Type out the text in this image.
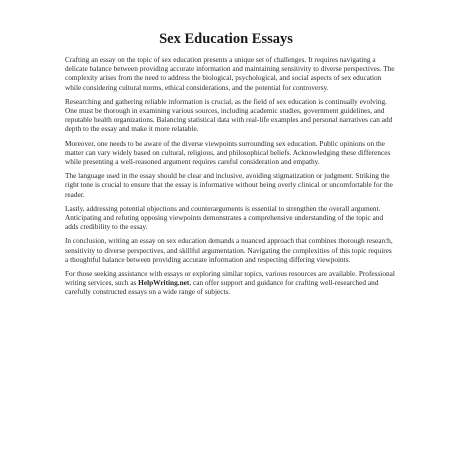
Sex Education Essays

Crafting an essay on the topic of sex education presents a unique set of challenges. It requires navigating a delicate balance between providing accurate information and maintaining sensitivity to diverse perspectives. The complexity arises from the need to address the biological, psychological, and social aspects of sex education while considering cultural norms, ethical considerations, and the potential for controversy.

Researching and gathering reliable information is crucial, as the field of sex education is continually evolving. One must be thorough in examining various sources, including academic studies, government guidelines, and reputable health organizations. Balancing statistical data with real-life examples and personal narratives can add depth to the essay and make it more relatable.

Moreover, one needs to be aware of the diverse viewpoints surrounding sex education. Public opinions on the matter can vary widely based on cultural, religious, and philosophical beliefs. Acknowledging these differences while presenting a well-reasoned argument requires careful consideration and empathy.

The language used in the essay should be clear and inclusive, avoiding stigmatization or judgment. Striking the right tone is crucial to ensure that the essay is informative without being overly clinical or uncomfortable for the reader.

Lastly, addressing potential objections and counterarguments is essential to strengthen the overall argument. Anticipating and refuting opposing viewpoints demonstrates a comprehensive understanding of the topic and adds credibility to the essay.

In conclusion, writing an essay on sex education demands a nuanced approach that combines thorough research, sensitivity to diverse perspectives, and skillful argumentation. Navigating the complexities of this topic requires a thoughtful balance between providing accurate information and respecting differing viewpoints.

For those seeking assistance with essays or exploring similar topics, various resources are available. Professional writing services, such as HelpWriting.net, can offer support and guidance for crafting well-researched and carefully constructed essays on a wide range of subjects.
